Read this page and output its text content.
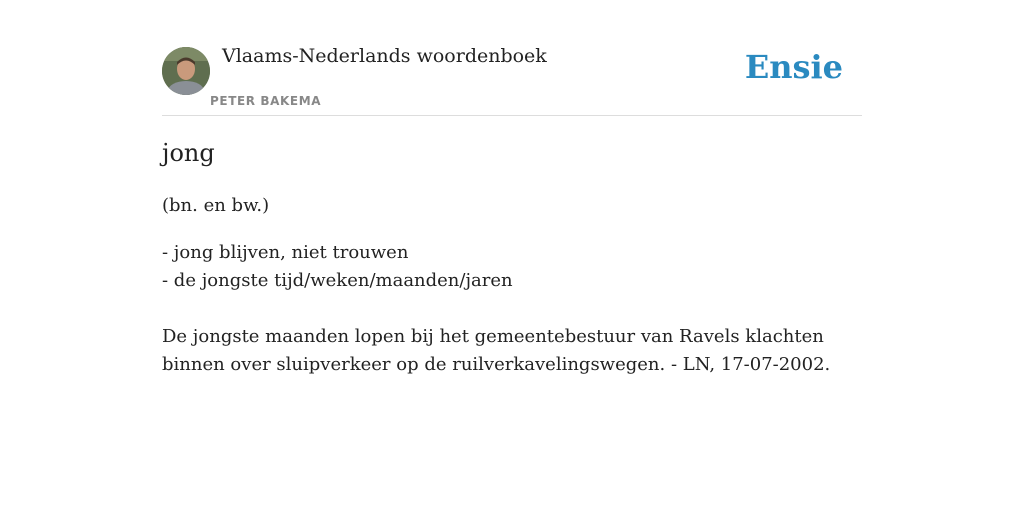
Vlaams-Nederlands woordenboek
PETER BAKEMA
Ensie
jong
(bn. en bw.)
- jong blijven, niet trouwen
- de jongste tijd/weken/maanden/jaren
De jongste maanden lopen bij het gemeentebestuur van Ravels klachten binnen over sluipverkeer op de ruilverkavelingswegen. - LN, 17-07-2002.
